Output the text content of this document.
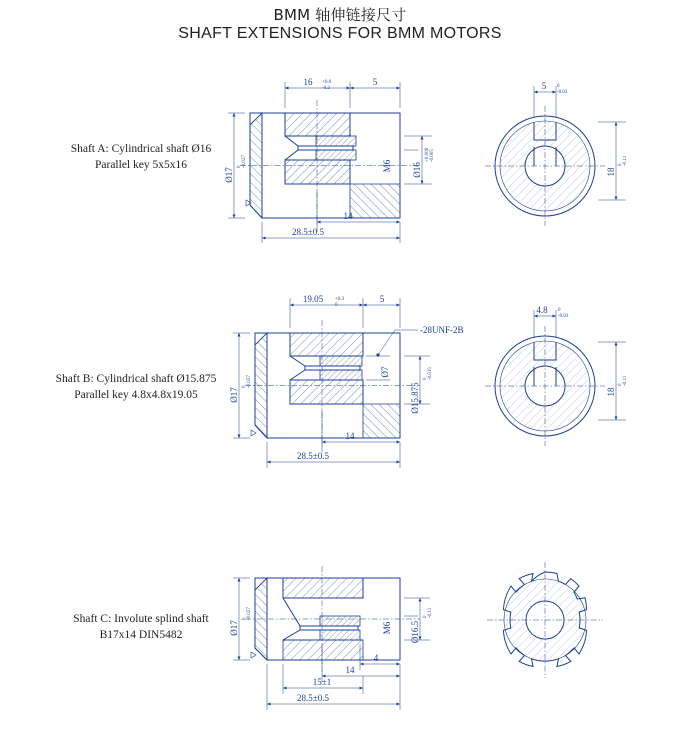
BMM 轴伸链接尺寸
SHAFT EXTENSIONS FOR BMM MOTORS
Shaft A: Cylindrical shaft Ø16
Parallel key 5x5x16
Shaft B: Cylindrical shaft Ø15.875
Parallel key 4.8x4.8x19.05
Shaft C: Involute splind shaft
B17x14 DIN5482
16 +0.6
-0.2
5
Ø17
0 -0.027	M6 Ø16
+0.006 -0.005
14
28.5±0.5
5 0
-0.03
18
0 -0.11
19.05 +0.3
0
5
-28UNF-2B
Ø17
0 -0.027
Ø7
Ø15.875
0 -0.015
14
28.5±0.5
4.8 0
-0.03
18
0 -0.11
Ø17
0 -0.027
M6 Ø16.5
0 -0.11
4
14
15±1
28.5±0.5
